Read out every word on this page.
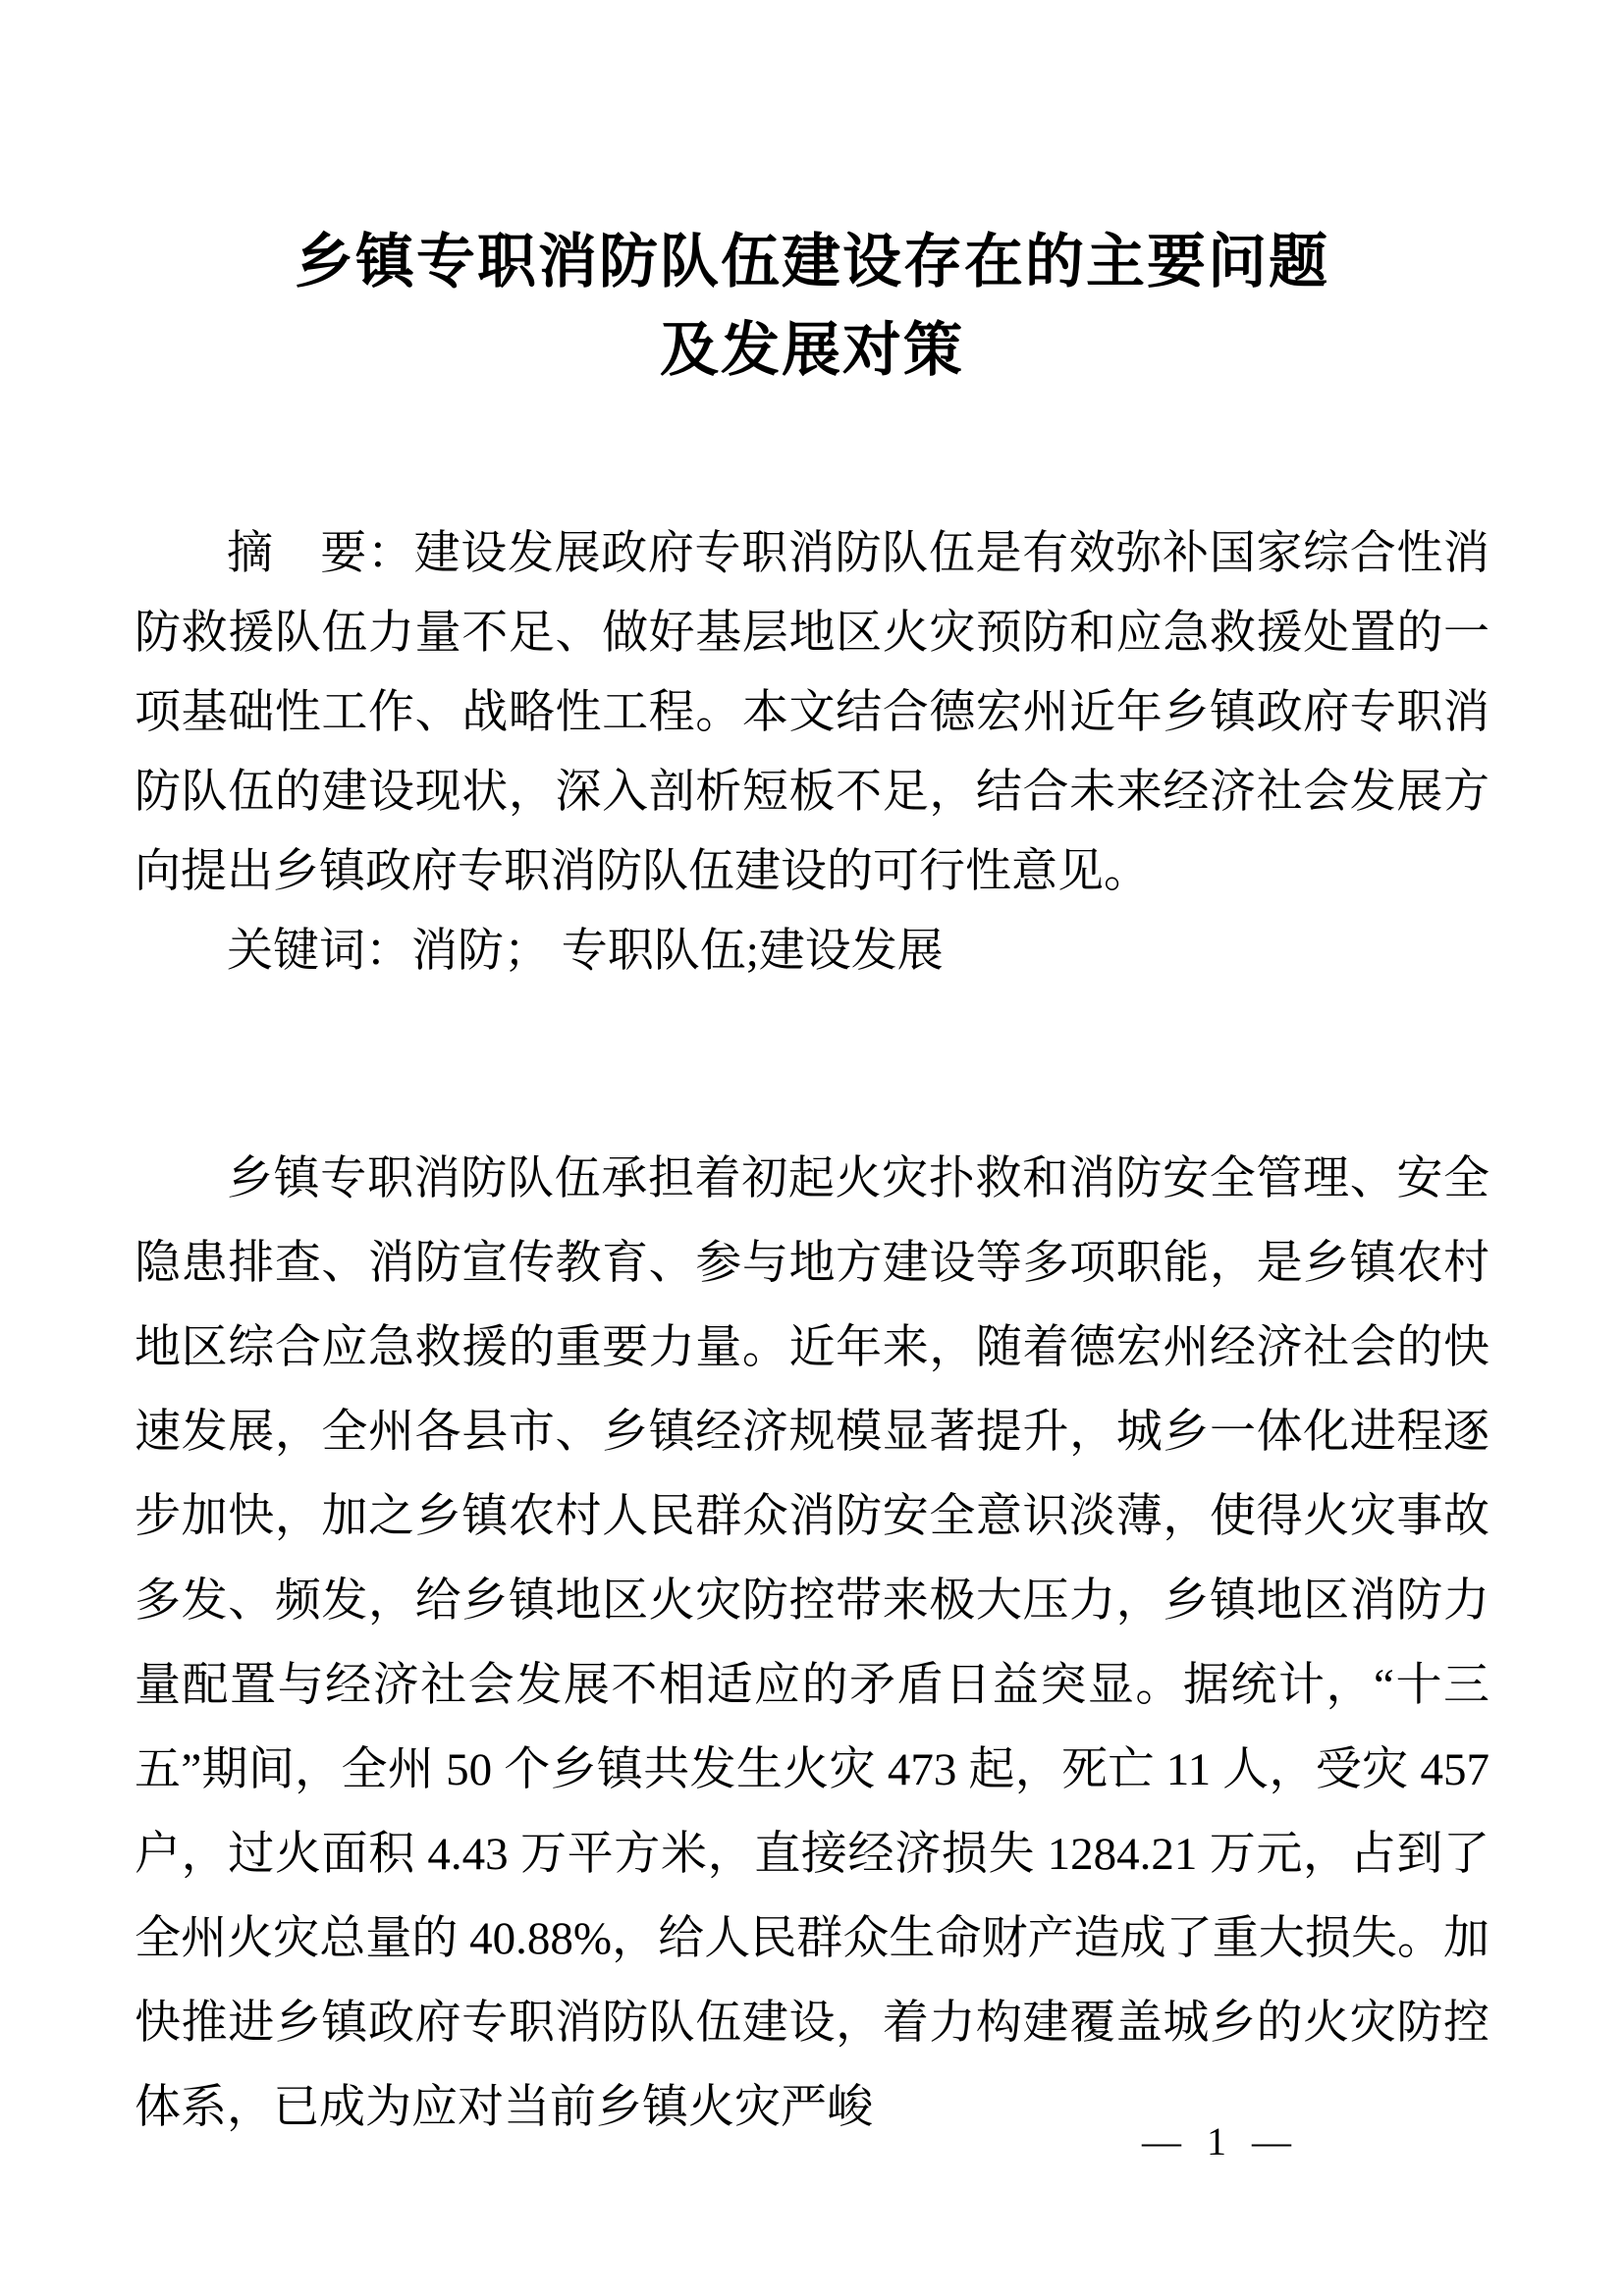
乡镇专职消防队伍建设存在的主要问题
及发展对策

摘　要：建设发展政府专职消防队伍是有效弥补国家综合性消防救援队伍力量不足、做好基层地区火灾预防和应急救援处置的一项基础性工作、战略性工程。本文结合德宏州近年乡镇政府专职消防队伍的建设现状，深入剖析短板不足，结合未来经济社会发展方向提出乡镇政府专职消防队伍建设的可行性意见。

关键词：消防； 专职队伍;建设发展

乡镇专职消防队伍承担着初起火灾扑救和消防安全管理、安全隐患排查、消防宣传教育、参与地方建设等多项职能，是乡镇农村地区综合应急救援的重要力量。近年来，随着德宏州经济社会的快速发展，全州各县市、乡镇经济规模显著提升，城乡一体化进程逐步加快，加之乡镇农村人民群众消防安全意识淡薄，使得火灾事故多发、频发，给乡镇地区火灾防控带来极大压力，乡镇地区消防力量配置与经济社会发展不相适应的矛盾日益突显。据统计，“十三五”期间，全州 50 个乡镇共发生火灾 473 起，死亡 11 人，受灾 457 户，过火面积 4.43 万平方米，直接经济损失 1284.21 万元，占到了全州火灾总量的 40.88%，给人民群众生命财产造成了重大损失。加快推进乡镇政府专职消防队伍建设，着力构建覆盖城乡的火灾防控体系，已成为应对当前乡镇火灾严峻

— 1 —
